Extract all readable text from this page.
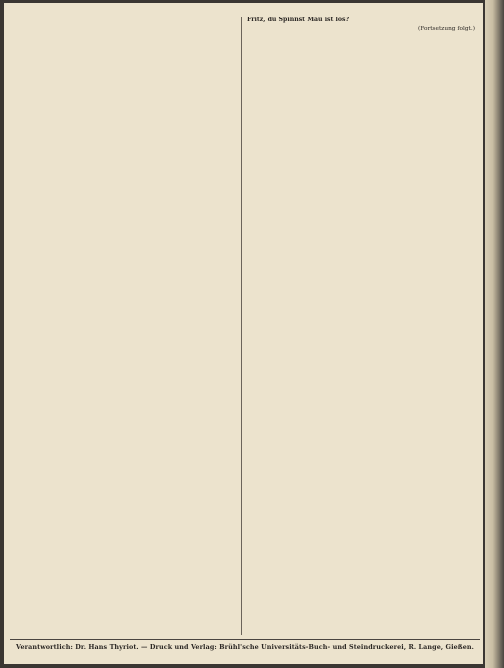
Fritz, du Spinnst Mau ist los?

(Fortsetzung folgt.)

Verantwortlich: Dr. Hans Thyriot. — Druck und Verlag: Brühl'sche Universitäts-Buch- und Steindruckerei, R. Lange, Gießen.
